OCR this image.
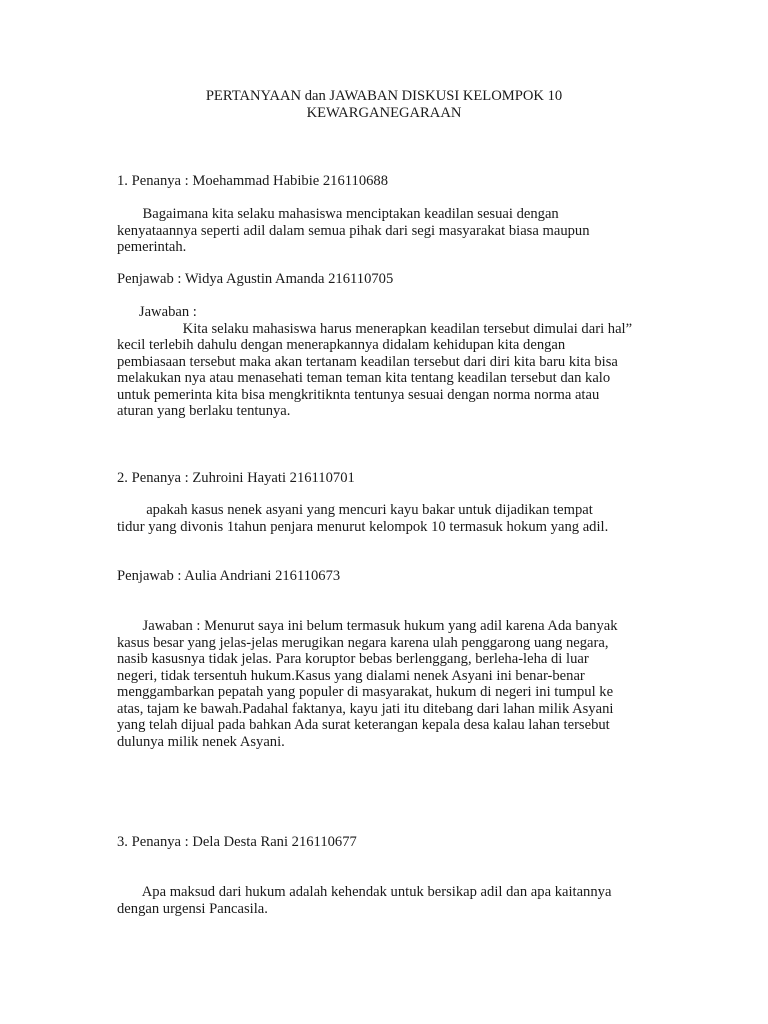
PERTANYAAN dan JAWABAN DISKUSI KELOMPOK 10
KEWARGANEGARAAN
1. Penanya : Moehammad Habibie 216110688
Bagaimana kita selaku mahasiswa menciptakan keadilan sesuai dengan
kenyataannya seperti adil dalam semua pihak dari segi masyarakat biasa maupun
pemerintah.
Penjawab : Widya Agustin Amanda 216110705
Jawaban :
Kita selaku mahasiswa harus menerapkan keadilan tersebut dimulai dari hal”
kecil terlebih dahulu dengan menerapkannya didalam kehidupan kita dengan
pembiasaan tersebut maka akan tertanam keadilan tersebut dari diri kita baru kita bisa
melakukan nya atau menasehati teman teman kita tentang keadilan tersebut dan kalo
untuk pemerinta kita bisa mengkritiknta tentunya sesuai dengan norma norma atau
aturan yang berlaku tentunya.
2. Penanya : Zuhroini Hayati 216110701
apakah kasus nenek asyani yang mencuri kayu bakar untuk dijadikan tempat
tidur yang divonis 1tahun penjara menurut kelompok 10 termasuk hokum yang adil.
Penjawab : Aulia Andriani 216110673
Jawaban : Menurut saya ini belum termasuk hukum yang adil karena Ada banyak
kasus besar yang jelas-jelas merugikan negara karena ulah penggarong uang negara,
nasib kasusnya tidak jelas. Para koruptor bebas berlenggang, berleha-leha di luar
negeri, tidak tersentuh hukum.Kasus yang dialami nenek Asyani ini benar-benar
menggambarkan pepatah yang populer di masyarakat, hukum di negeri ini tumpul ke
atas, tajam ke bawah.Padahal faktanya, kayu jati itu ditebang dari lahan milik Asyani
yang telah dijual pada bahkan Ada surat keterangan kepala desa kalau lahan tersebut
dulunya milik nenek Asyani.
3. Penanya : Dela Desta Rani 216110677
Apa maksud dari hukum adalah kehendak untuk bersikap adil dan apa kaitannya
dengan urgensi Pancasila.
